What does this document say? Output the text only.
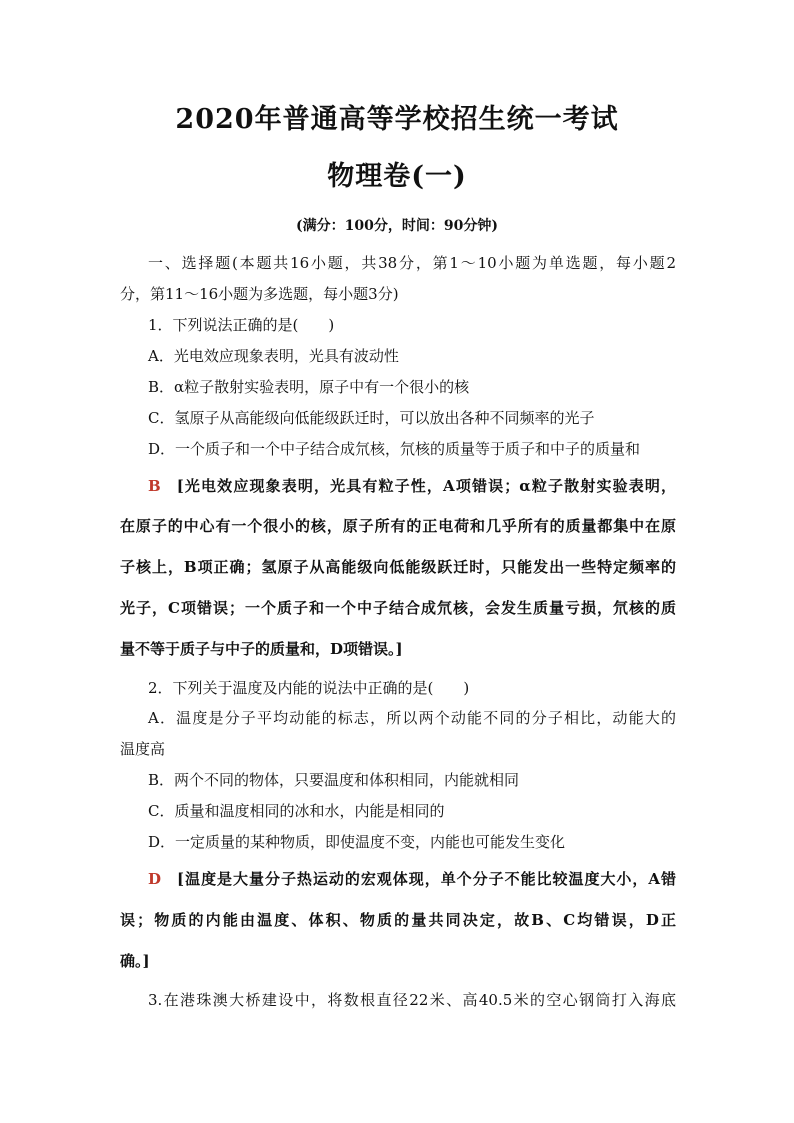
2020年普通高等学校招生统一考试
物理卷(一)
(满分：100分，时间：90分钟)
一、选择题(本题共16小题，共38分，第1～10小题为单选题，每小题2
分，第11～16小题为多选题，每小题3分)
1．下列说法正确的是(　　)
A．光电效应现象表明，光具有波动性
B．α粒子散射实验表明，原子中有一个很小的核
C．氢原子从高能级向低能级跃迁时，可以放出各种不同频率的光子
D．一个质子和一个中子结合成氘核，氘核的质量等于质子和中子的质量和
B [光电效应现象表明，光具有粒子性，A项错误；α粒子散射实验表明，
在原子的中心有一个很小的核，原子所有的正电荷和几乎所有的质量都集中在原
子核上，B项正确；氢原子从高能级向低能级跃迁时，只能发出一些特定频率的
光子，C项错误；一个质子和一个中子结合成氘核，会发生质量亏损，氘核的质
量不等于质子与中子的质量和，D项错误。]
2．下列关于温度及内能的说法中正确的是(　　)
A．温度是分子平均动能的标志，所以两个动能不同的分子相比，动能大的
温度高
B．两个不同的物体，只要温度和体积相同，内能就相同
C．质量和温度相同的冰和水，内能是相同的
D．一定质量的某种物质，即使温度不变，内能也可能发生变化
D [温度是大量分子热运动的宏观体现，单个分子不能比较温度大小，A错
误；物质的内能由温度、体积、物质的量共同决定，故B、C均错误，D正
确。]
3.在港珠澳大桥建设中，将数根直径22米、高40.5米的空心钢筒打入海底
